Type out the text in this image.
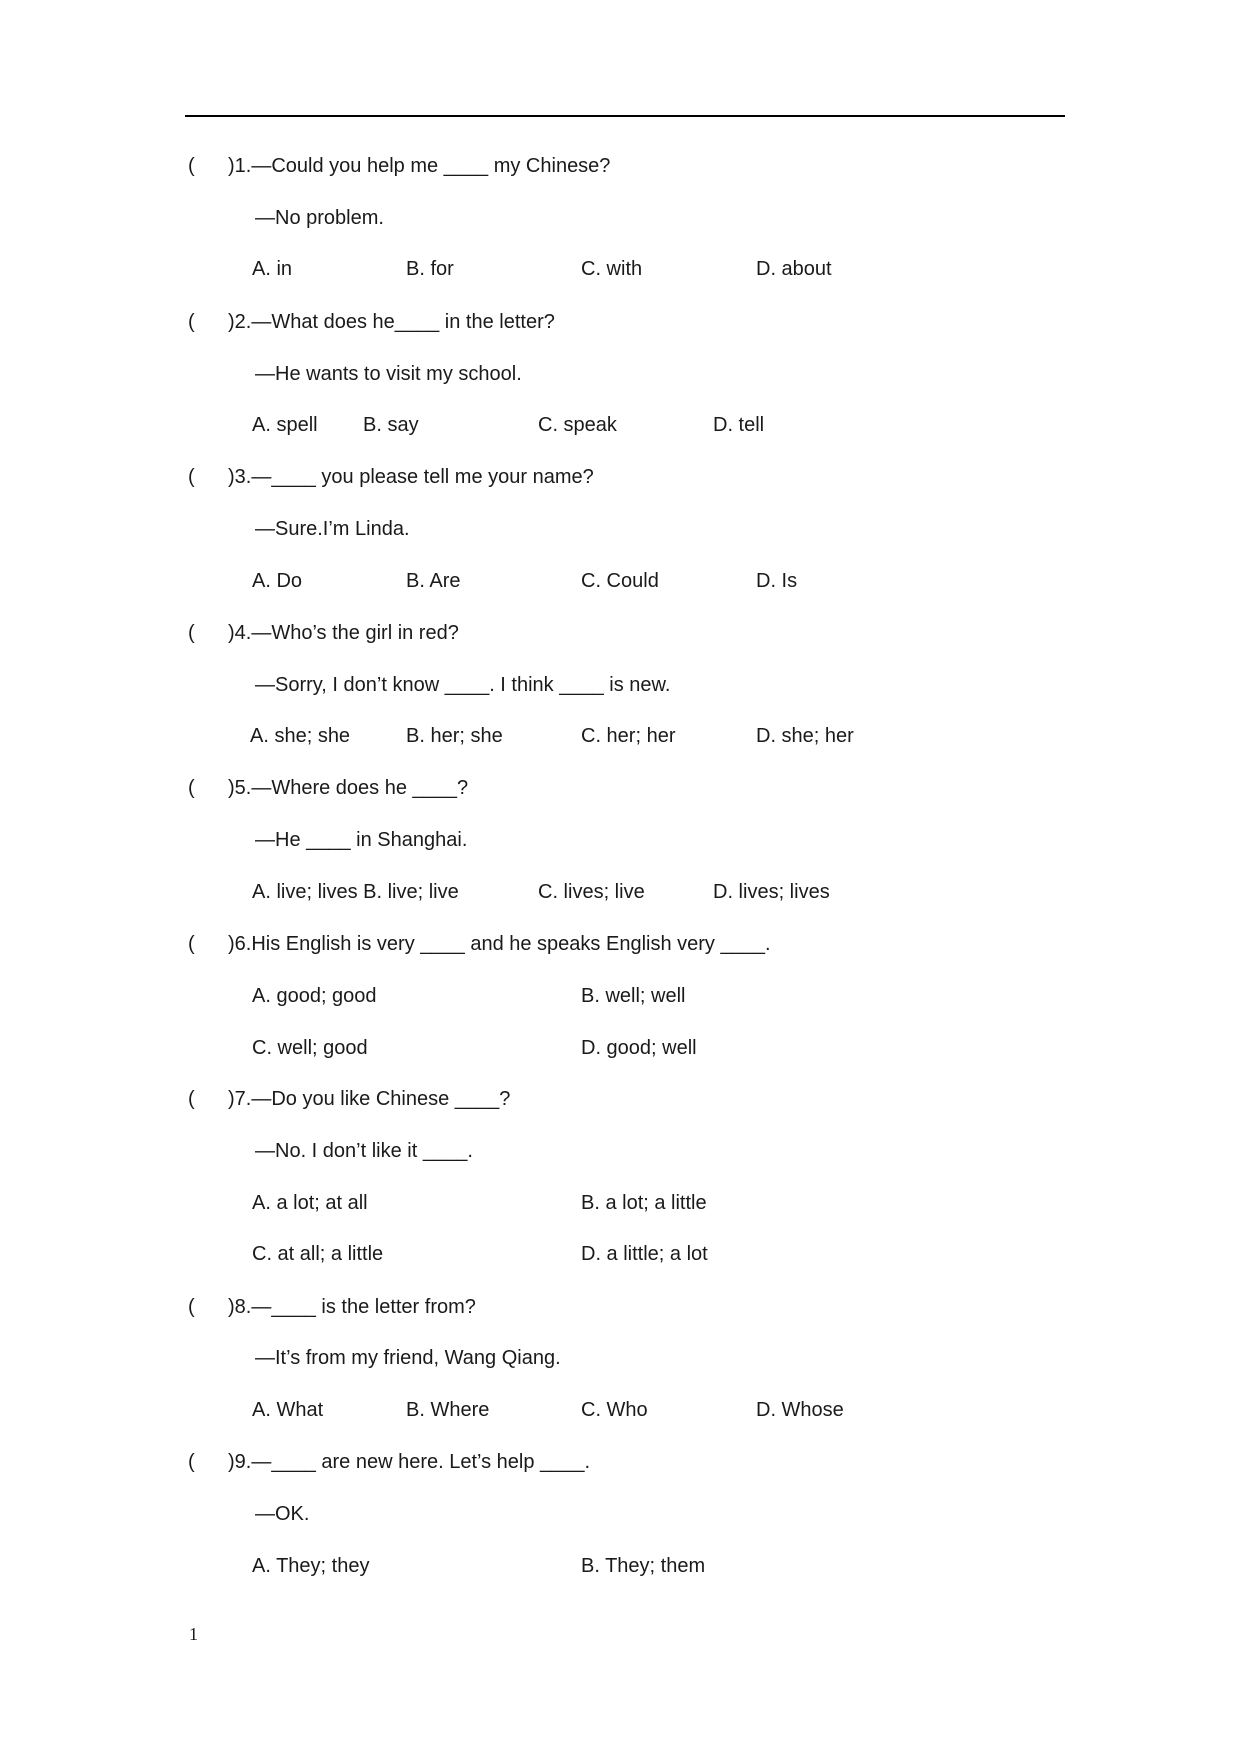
( )1.—Could you help me ____ my Chinese?
—No problem.
A. in	B. for	C. with	D. about
( )2.—What does he____ in the letter?
—He wants to visit my school.
A. spell B. say	C. speak	D. tell
( )3.—____ you please tell me your name?
—Sure.I’m Linda.
A. Do	B. Are	C. Could	D. Is
( )4.—Who’s the girl in red?
—Sorry, I don’t know ____. I think ____ is new.
A. she; she	B. her; she	C. her; her	D. she; her
( )5.—Where does he ____?
—He ____ in Shanghai.
A. live; lives B. live; live	C. lives; live	D. lives; lives
( )6.His English is very ____ and he speaks English very ____.
A. good; good	B. well; well
C. well; good	D. good; well
( )7.—Do you like Chinese ____?
—No. I don’t like it ____.
A. a lot; at all	B. a lot; a little
C. at all; a little	D. a little; a lot
( )8.—____ is the letter from?
—It’s from my friend, Wang Qiang.
A. What	B. Where	C. Who	D. Whose
( )9.—____ are new here. Let’s help ____.
—OK.
A. They; they	B. They; them
1
